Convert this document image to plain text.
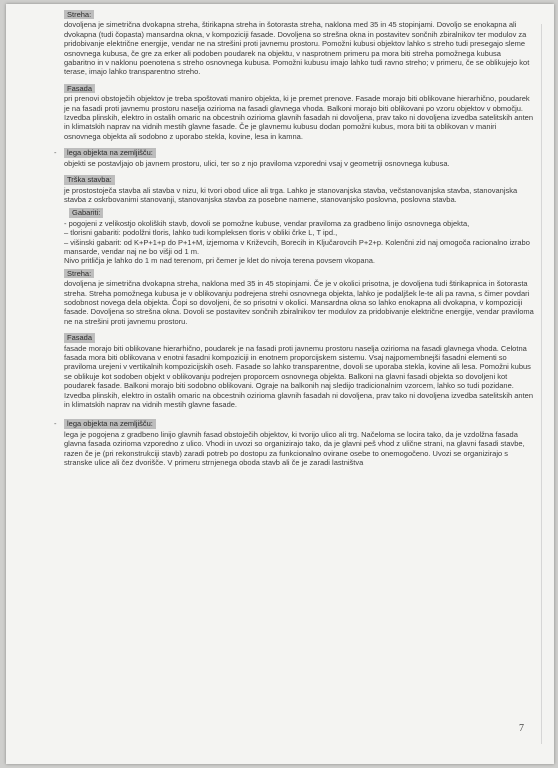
Streha:

dovoljena je simetrična dvokapna streha, štirikapna streha in šotorasta streha, naklona med 35 in 45 stopinjami. Dovoljo se enokapna ali dvokapna (tudi čopasta) mansardna okna, v kompoziciji fasade. Dovoljena so strešna okna in postavitev sončnih zbiralnikov ter modulov za pridobivanje električne energije, vendar ne na strešini proti javnemu prostoru. Pomožni kubusi objektov lahko s streho tudi presegajo sleme osnovnega kubusa, če gre za erker ali podoben poudarek na objektu, v nasprotnem primeru pa mora biti streha pomožnega kubusa gabaritno in v naklonu poenotena s streho osnovnega kubusa. Pomožni kubusu imajo lahko tudi ravno streho; v primeru, če se oblikujejo kot terase, imajo lahko transparentno streho.

Fasada

pri prenovi obstoječih objektov je treba spoštovati maniro objekta, ki je premet prenove. Fasade morajo biti oblikovane hierarhično, poudarek je na fasadi proti javnemu prostoru naselja ozirioma na fasadi glavnega vhoda. Balkoni morajo biti oblikovani po vzoru objektov v območju. Izvedba plinskih, elektro in ostalih omaric na obcestnih ozirioma glavnih fasadah ni dovoljena, prav tako ni dovoljena izvedba satelitskih anten in klimatskih naprav na vidnih mestih glavne fasade. Če je glavnemu kubusu dodan pomožni kubus, mora biti ta oblikovan v maniri osnovnega objekta ali sodobno z uporabo stekla, kovine, lesa in kamna.

- lega objekta na zemljišču:

objekti se postavljajo ob javnem prostoru, ulici, ter so z njo praviloma vzporedni vsaj v geometriji osnovnega kubusa.

Trška stavba:

je prostostoječa stavba ali stavba v nizu, ki tvori obod ulice ali trga. Lahko je stanovanjska stavba, večstanovanjska stavba, stanovanjska stavba z oskrbovanimi stanovanji, stanovanjska stavba za posebne namene, stanovanjsko poslovna, poslovna stavba.

Gabariti:

- pogojeni z velikostjo okoliških stavb, dovoli se pomožne kubuse, vendar praviloma za gradbeno linijo osnovnega objekta,

– tlorisni gabariti: podolžni tloris, lahko tudi kompleksen tloris v obliki črke L, T ipd.,

– višinski gabarit: od K+P+1+p do P+1+M, izjemoma v Križevcih, Borecih in Ključarovcih P+2+p. Kolenčni zid naj omogoča racionalno izrabo mansarde, vendar naj ne bo višji od 1 m.

Nivo pritličja je lahko do 1 m nad terenom, pri čemer je klet do nivoja terena povsem vkopana.

Streha:

dovoljena je simetrična dvokapna streha, naklona med 35 in 45 stopinjami. Če je v okolici prisotna, je dovoljena tudi štirikapnica in šotorasta streha. Streha pomožnega kubusa je v oblikovanju podrejena strehi osnovnega objekta, lahko je podaljšek le-te ali pa ravna, s čimer povdari sodobnost novega dela objekta. Čopi so dovoljeni, če so prisotni v okolici. Mansardna okna so lahko enokapna ali dvokapna, v kompoziciji fasade. Dovoljena so strešna okna. Dovoli se postavitev sončnih zbiralnikov ter modulov za pridobivanje električne energije, vendar praviloma ne na strešini proti javnemu prostoru.

Fasada

fasade morajo biti oblikovane hierarhično, poudarek je na fasadi proti javnemu prostoru naselja ozirioma na fasadi glavnega vhoda. Celotna fasada mora biti oblikovana v enotni fasadni kompoziciji in enotnem proporcijskem sistemu. Vsaj najpomembnejši fasadni elementi so praviloma urejeni v vertikalnih kompozicijskih oseh. Fasade so lahko transparentne, dovoli se uporaba stekla, kovine ali lesa. Pomožni kubus se oblikuje kot sodoben objekt v oblikovanju podrejen proporcem osnovnega objekta. Balkoni na glavni fasadi objekta so dovoljeni kot poudarek fasade. Balkoni morajo biti sodobno oblikovani. Ograje na balkonih naj sledijo tradicionalnim vzorcem, lahko so tudi pozidane. Izvedba plinskih, elektro in ostalih omaric na obcestnih ozirioma glavnih fasadah ni dovoljena, prav tako ni dovoljena izvedba satelitskih anten in klimatskih naprav na vidnih mestih glavne fasade.

- lega objekta na zemljišču:

lega je pogojena z gradbeno linijo glavnih fasad obstoječih objektov, ki tvorijo ulico ali trg. Načeloma se locira tako, da je vzdolžna fasada glavna fasada ozirioma vzporedno z ulico. Vhodi in uvozi so organizirajo tako, da je glavni peš vhod z ulične strani, na glavni fasadi stavbe, razen če je (pri rekonstrukciji stavb) zaradi potreb po dostopu za funkcionalno ovirane osebe to onemogočeno. Uvozi se organizirajo s stranske ulice ali čez dvorišče. V primeru strnjenega oboda stavb ali če je zaradi lastništva

7
